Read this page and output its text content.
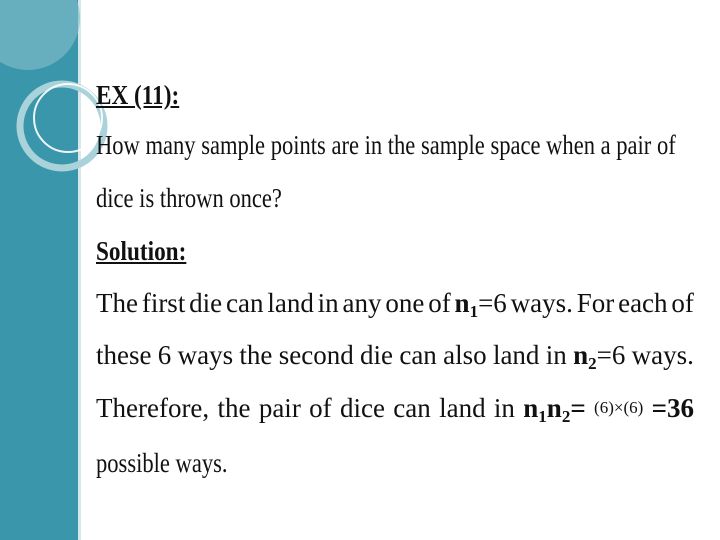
EX (11):
How many sample points are in the sample space when a pair of
dice is thrown once?
Solution:
The first die can land in any one of $n_1=6$ ways. For each of
these 6 ways the second die can also land in $n_2=6$ ways.
Therefore, the pair of dice can land in $n_1n_2= (6)\times(6) =36$
possible ways.
